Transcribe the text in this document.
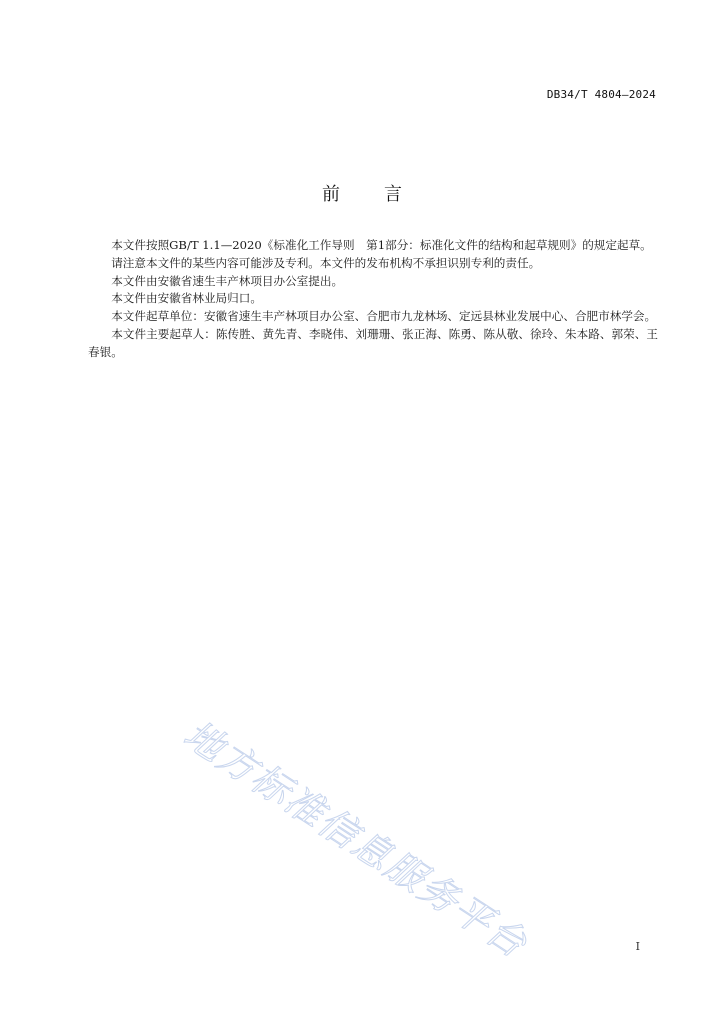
DB34/T 4804—2024
前言

本文件按照GB/T 1.1—2020《标准化工作导则　第1部分：标准化文件的结构和起草规则》的规定起草。

请注意本文件的某些内容可能涉及专利。本文件的发布机构不承担识别专利的责任。

本文件由安徽省速生丰产林项目办公室提出。

本文件由安徽省林业局归口。

本文件起草单位：安徽省速生丰产林项目办公室、合肥市九龙林场、定远县林业发展中心、合肥市林学会。

本文件主要起草人：陈传胜、黄先青、李晓伟、刘珊珊、张正海、陈勇、陈从敬、徐玲、朱本路、郭荣、王春银。

地方标准信息服务平台	I
